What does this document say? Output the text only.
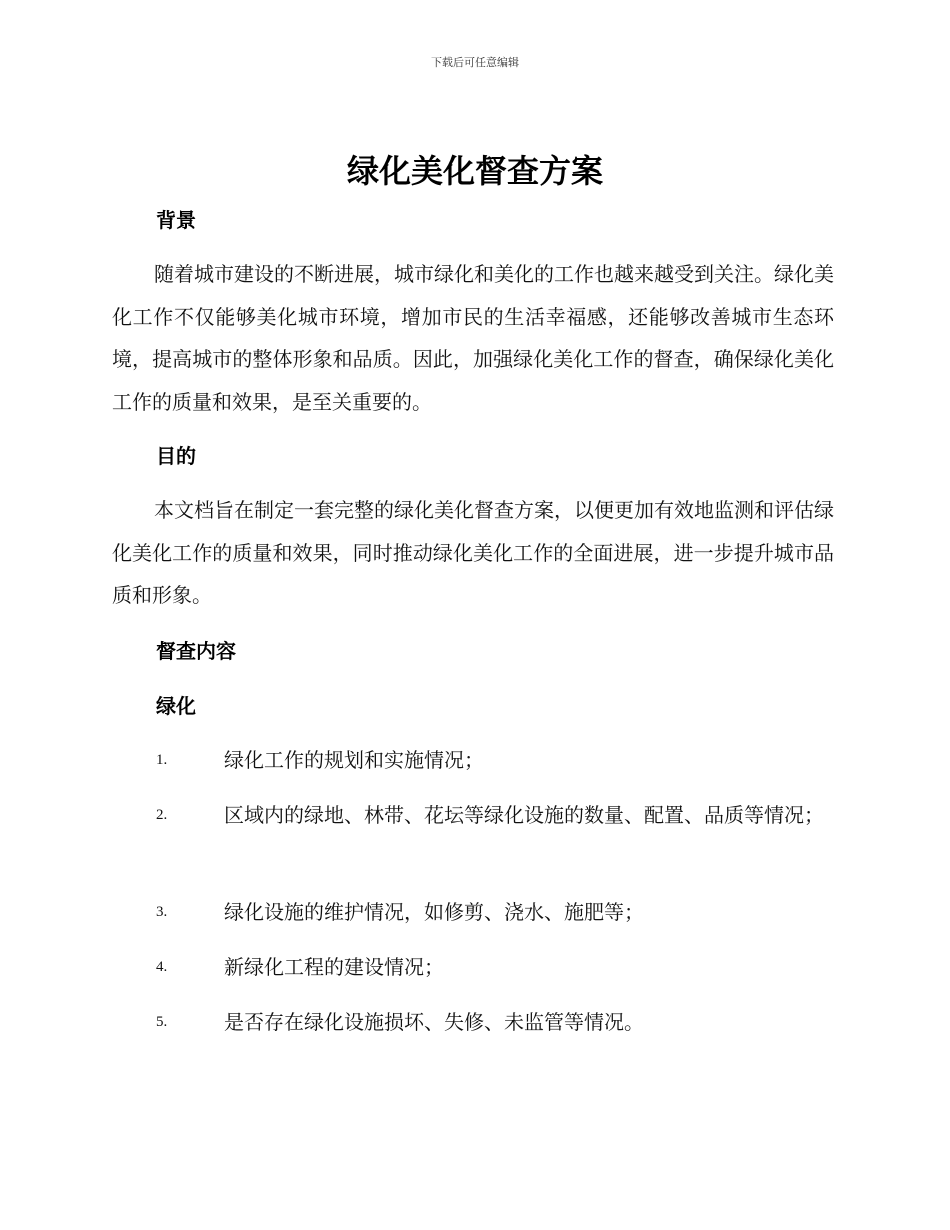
下载后可任意编辑
绿化美化督查方案
背景

随着城市建设的不断进展，城市绿化和美化的工作也越来越受到关注。绿化美化工作不仅能够美化城市环境，增加市民的生活幸福感，还能够改善城市生态环境，提高城市的整体形象和品质。因此，加强绿化美化工作的督查，确保绿化美化工作的质量和效果，是至关重要的。

目的

本文档旨在制定一套完整的绿化美化督查方案，以便更加有效地监测和评估绿化美化工作的质量和效果，同时推动绿化美化工作的全面进展，进一步提升城市品质和形象。

督查内容
绿化
1.	绿化工作的规划和实施情况；
2.	区域内的绿地、林带、花坛等绿化设施的数量、配置、品质等情况；
3.	绿化设施的维护情况，如修剪、浇水、施肥等；
4.	新绿化工程的建设情况；
5.	是否存在绿化设施损坏、失修、未监管等情况。
